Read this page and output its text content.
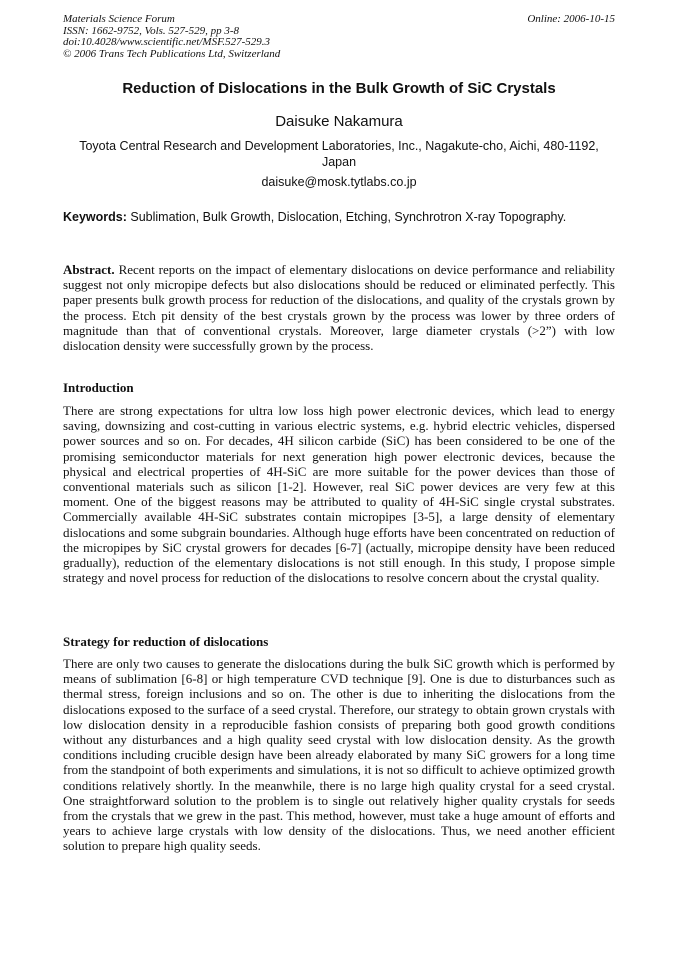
Materials Science Forum
ISSN: 1662-9752, Vols. 527-529, pp 3-8
doi:10.4028/www.scientific.net/MSF.527-529.3
© 2006 Trans Tech Publications Ltd, Switzerland
Online: 2006-10-15
Reduction of Dislocations in the Bulk Growth of SiC Crystals
Daisuke Nakamura
Toyota Central Research and Development Laboratories, Inc., Nagakute-cho, Aichi, 480-1192, Japan
daisuke@mosk.tytlabs.co.jp
Keywords: Sublimation, Bulk Growth, Dislocation, Etching, Synchrotron X-ray Topography.
Abstract. Recent reports on the impact of elementary dislocations on device performance and reliability suggest not only micropipe defects but also dislocations should be reduced or eliminated perfectly. This paper presents bulk growth process for reduction of the dislocations, and quality of the crystals grown by the process. Etch pit density of the best crystals grown by the process was lower by three orders of magnitude than that of conventional crystals. Moreover, large diameter crystals (>2”) with low dislocation density were successfully grown by the process.
Introduction
There are strong expectations for ultra low loss high power electronic devices, which lead to energy saving, downsizing and cost-cutting in various electric systems, e.g. hybrid electric vehicles, dispersed power sources and so on. For decades, 4H silicon carbide (SiC) has been considered to be one of the promising semiconductor materials for next generation high power electronic devices, because the physical and electrical properties of 4H-SiC are more suitable for the power devices than those of conventional materials such as silicon [1-2]. However, real SiC power devices are very few at this moment. One of the biggest reasons may be attributed to quality of 4H-SiC single crystal substrates. Commercially available 4H-SiC substrates contain micropipes [3-5], a large density of elementary dislocations and some subgrain boundaries. Although huge efforts have been concentrated on reduction of the micropipes by SiC crystal growers for decades [6-7] (actually, micropipe density have been reduced gradually), reduction of the elementary dislocations is not still enough. In this study, I propose simple strategy and novel process for reduction of the dislocations to resolve concern about the crystal quality.
Strategy for reduction of dislocations
There are only two causes to generate the dislocations during the bulk SiC growth which is performed by means of sublimation [6-8] or high temperature CVD technique [9]. One is due to disturbances such as thermal stress, foreign inclusions and so on. The other is due to inheriting the dislocations from the dislocations exposed to the surface of a seed crystal. Therefore, our strategy to obtain grown crystals with low dislocation density in a reproducible fashion consists of preparing both good growth conditions without any disturbances and a high quality seed crystal with low dislocation density. As the growth conditions including crucible design have been already elaborated by many SiC growers for a long time from the standpoint of both experiments and simulations, it is not so difficult to achieve optimized growth conditions relatively shortly. In the meanwhile, there is no large high quality crystal for a seed crystal. One straightforward solution to the problem is to single out relatively higher quality crystals for seeds from the crystals that we grew in the past. This method, however, must take a huge amount of efforts and years to achieve large crystals with low density of the dislocations. Thus, we need another efficient solution to prepare high quality seeds.
